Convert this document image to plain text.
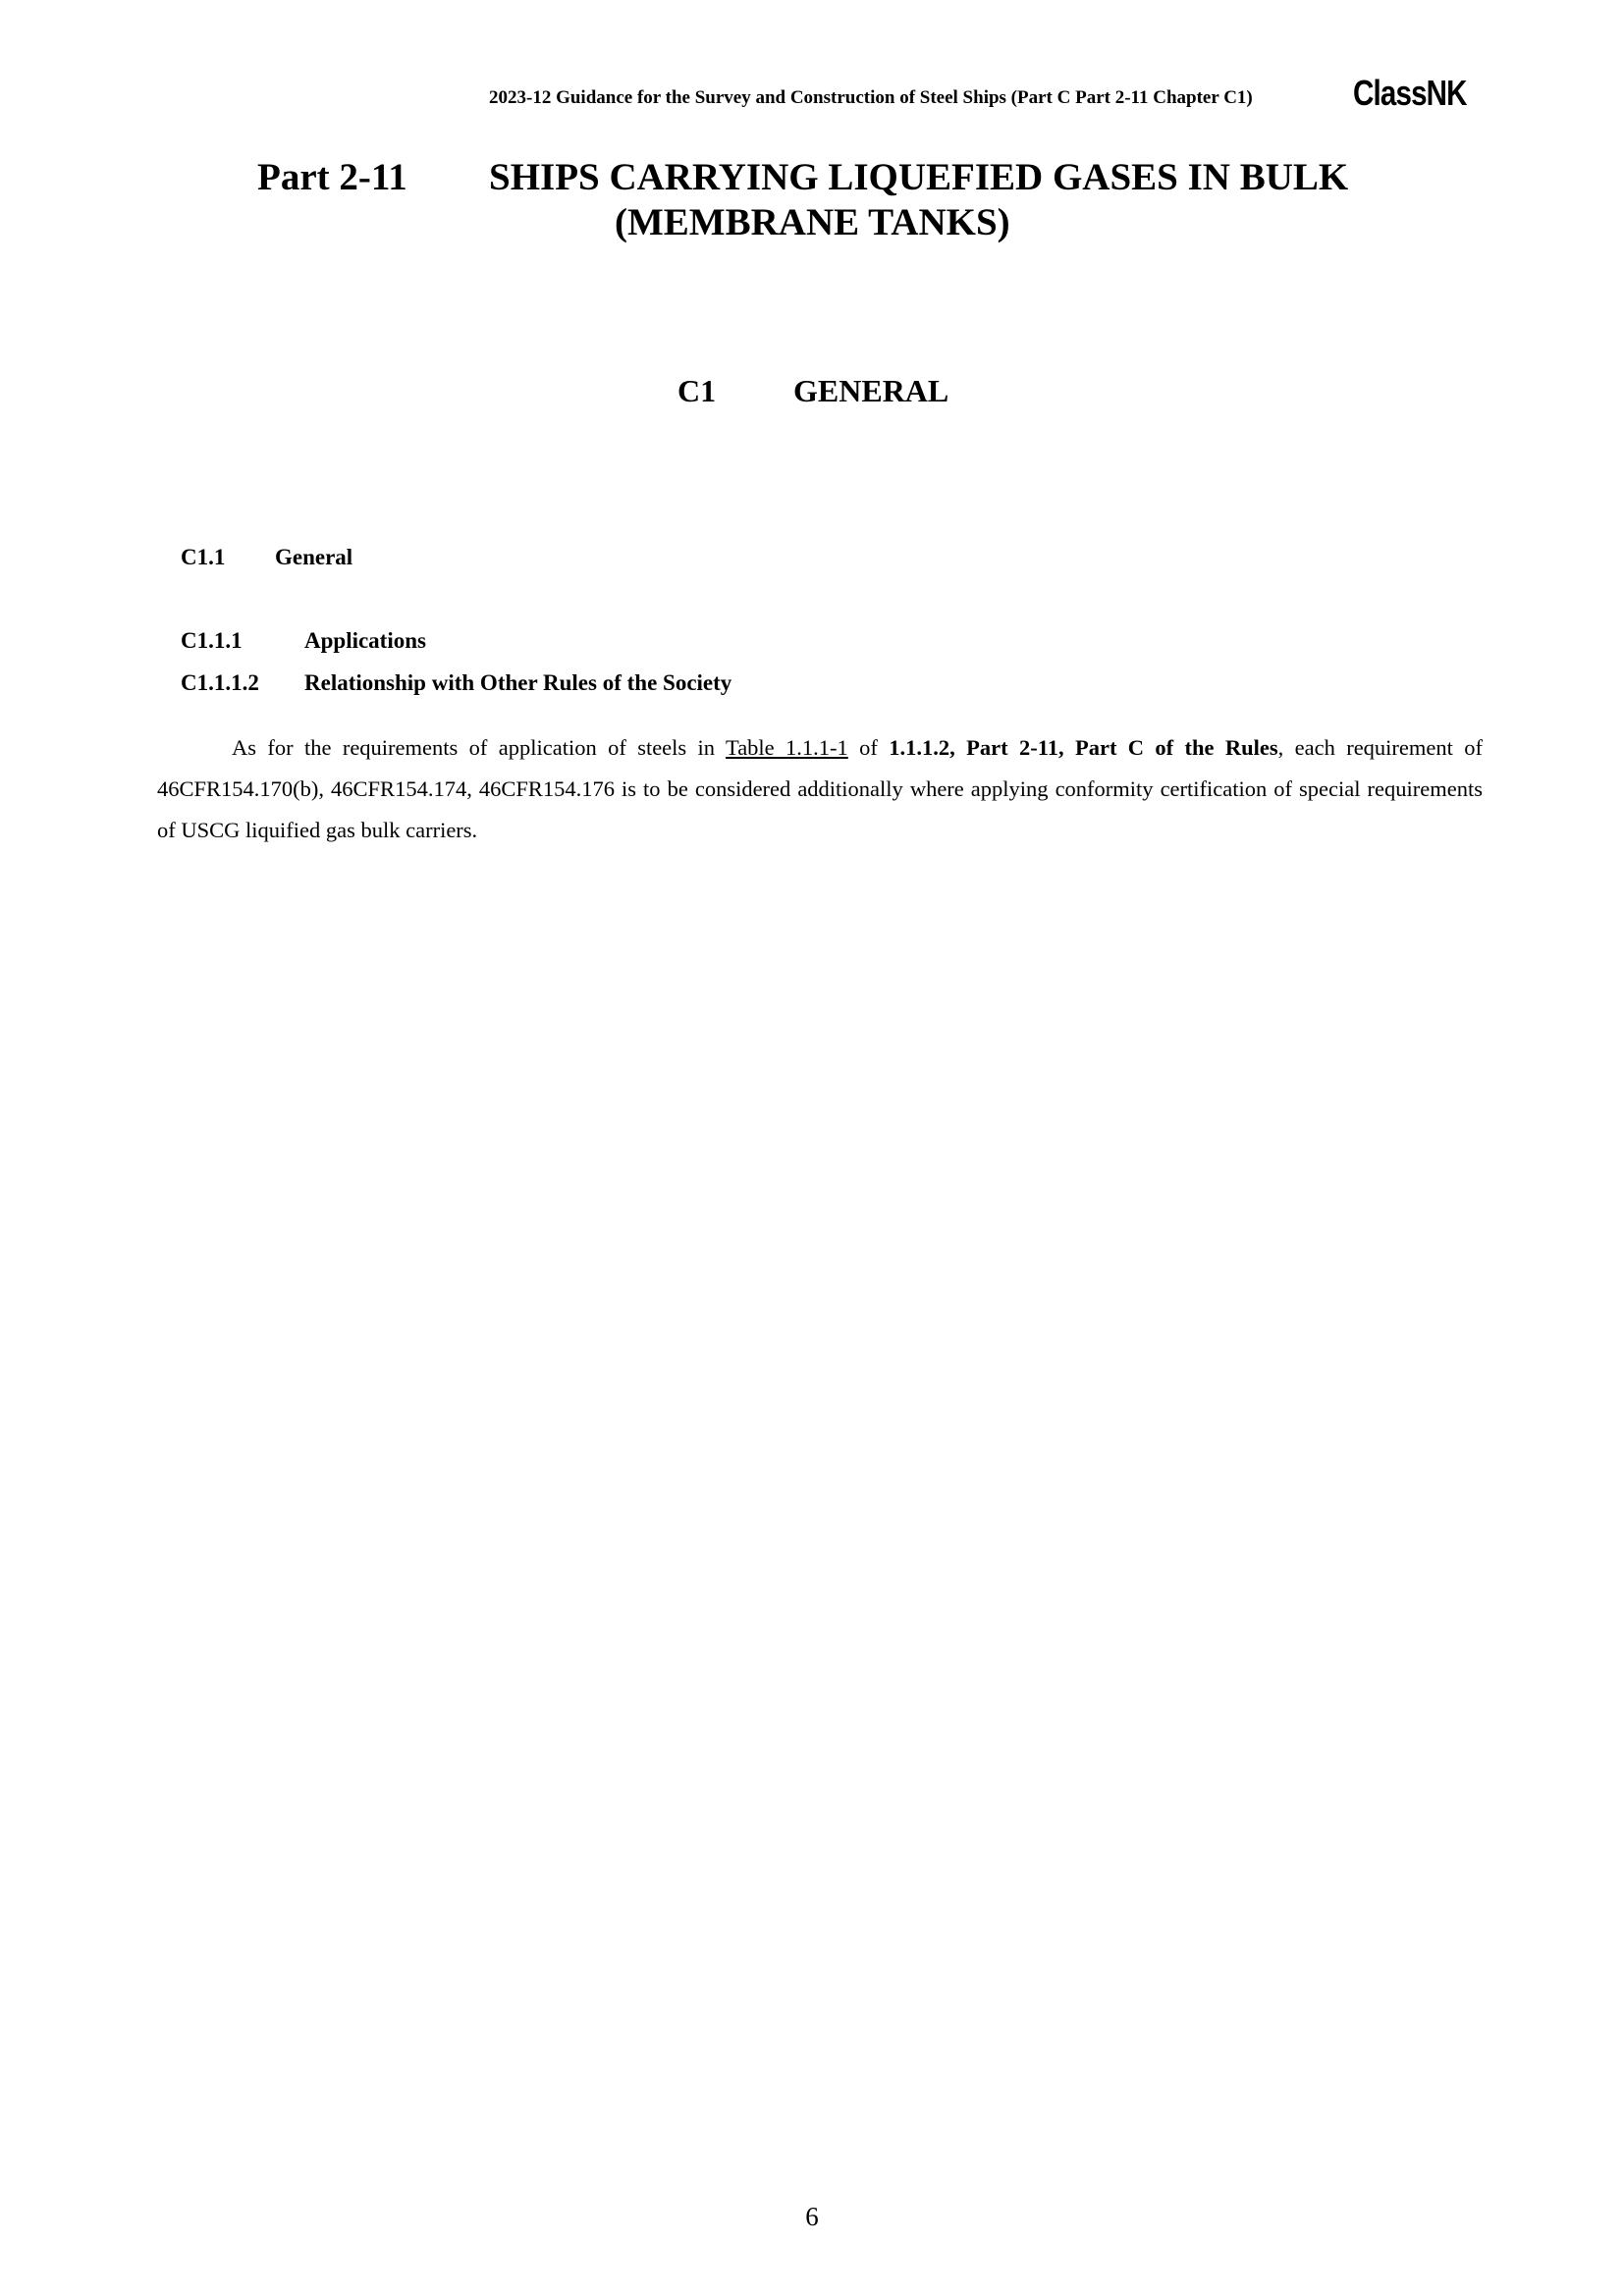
2023-12 Guidance for the Survey and Construction of Steel Ships (Part C Part 2-11 Chapter C1)	ClassNK
Part 2-11 SHIPS CARRYING LIQUEFIED GASES IN BULK
(MEMBRANE TANKS)
C1 GENERAL
C1.1 General
C1.1.1	Applications
C1.1.1.2 Relationship with Other Rules of the Society

As for the requirements of application of steels in Table 1.1.1-1 of 1.1.1.2, Part 2-11, Part C of the Rules, each requirement of 46CFR154.170(b), 46CFR154.174, 46CFR154.176 is to be considered additionally where applying conformity certification of special requirements of USCG liquified gas bulk carriers.

6
